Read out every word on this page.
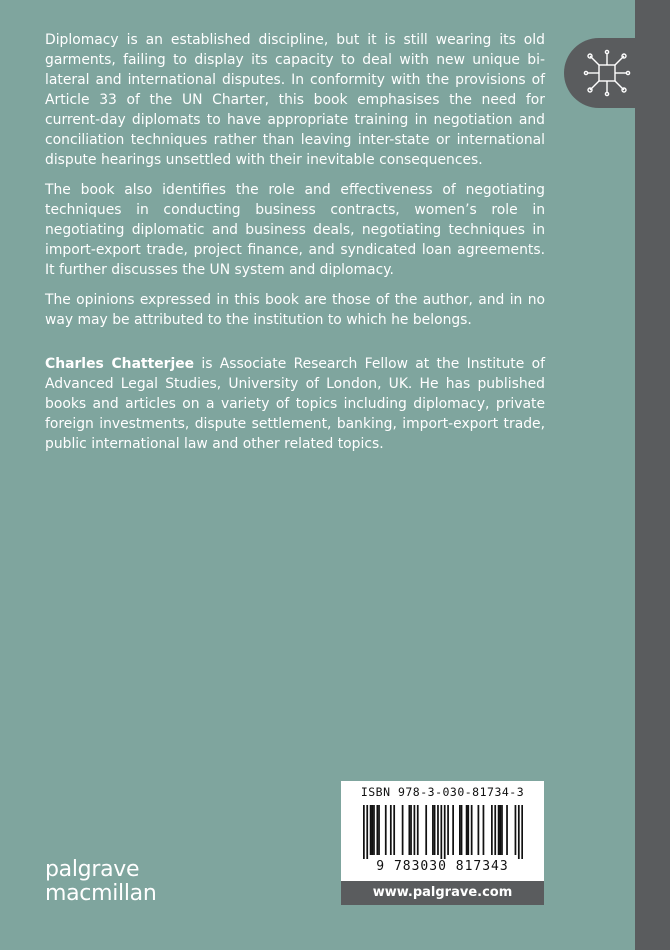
Diplomacy is an established discipline, but it is still wearing its old garments, failing to display its capacity to deal with new unique bi-lateral and international disputes. In conformity with the provisions of Article 33 of the UN Charter, this book emphasises the need for current-day diplomats to have appropriate training in negotiation and conciliation techniques rather than leaving inter-state or international dispute hearings unsettled with their inevitable consequences.

The book also identifies the role and effectiveness of negotiating techniques in conducting business contracts, women’s role in negotiating diplomatic and business deals, negotiating techniques in import-export trade, project finance, and syndicated loan agreements. It further discusses the UN system and diplomacy.

The opinions expressed in this book are those of the author, and in no way may be attributed to the institution to which he belongs.

Charles Chatterjee is Associate Research Fellow at the Institute of Advanced Legal Studies, University of London, UK. He has published books and articles on a variety of topics including diplomacy, private foreign investments, dispute settlement, banking, import-export trade, public international law and other related topics.

ISBN 978-3-030-81734-3
9 783030 817343
www.palgrave.com
palgrave
macmillan
